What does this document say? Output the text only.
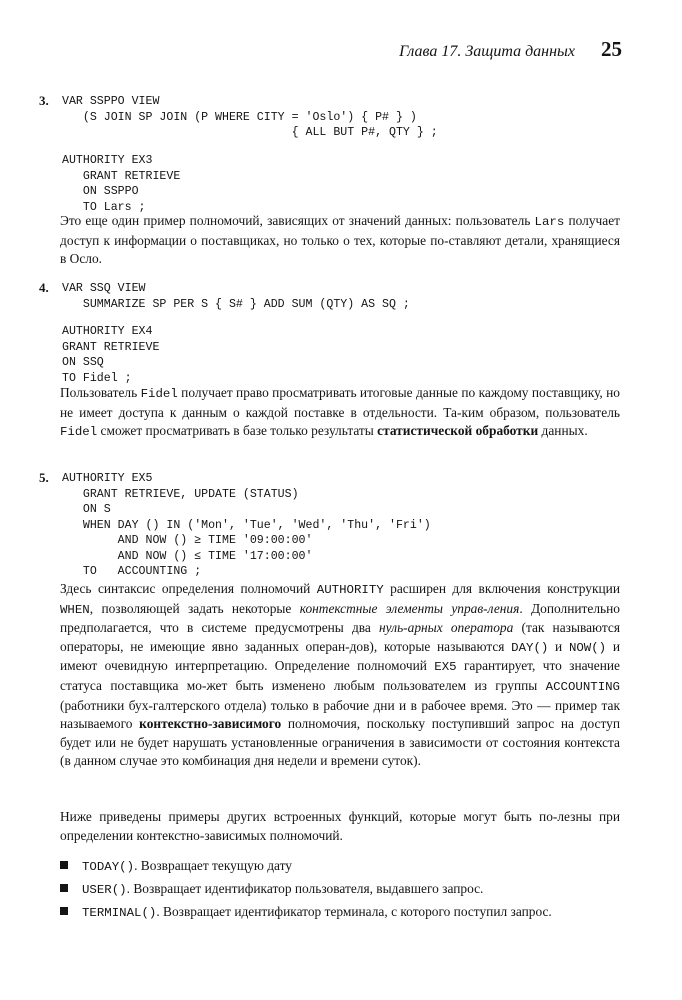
Глава 17. Защита данных 25
3. VAR SSPPO VIEW
(S JOIN SP JOIN (P WHERE CITY = 'Oslo') { P# } )
{ ALL BUT P#, QTY } ;
AUTHORITY EX3
GRANT RETRIEVE
ON SSPPO
TO Lars ;

Это еще один пример полномочий, зависящих от значений данных: пользователь Lars получает доступ к информации о поставщиках, но только о тех, которые по-ставляют детали, хранящиеся в Осло.

4. VAR SSQ VIEW
SUMMARIZE SP PER S { S# } ADD SUM (QTY) AS SQ ;
AUTHORITY EX4
GRANT RETRIEVE
ON SSQ
TO Fidel ;

Пользователь Fidel получает право просматривать итоговые данные по каждому поставщику, но не имеет доступа к данным о каждой поставке в отдельности. Та-ким образом, пользователь Fidel сможет просматривать в базе только результаты статистической обработки данных.

5. AUTHORITY EX5
GRANT RETRIEVE, UPDATE (STATUS)
ON S
WHEN DAY () IN ('Mon', 'Tue', 'Wed', 'Thu', 'Fri')
AND NOW () ≥ TIME '09:00:00'
AND NOW () ≤ TIME '17:00:00'
TO   ACCOUNTING ;

Здесь синтаксис определения полномочий AUTHORITY расширен для включения конструкции WHEN, позволяющей задать некоторые контекстные элементы управ-ления. Дополнительно предполагается, что в системе предусмотрены два нуль-арных оператора (так называются операторы, не имеющие явно заданных операн-дов), которые называются DAY() и NOW() и имеют очевидную интерпретацию. Определение полномочий EX5 гарантирует, что значение статуса поставщика мо-жет быть изменено любым пользователем из группы ACCOUNTING (работники бух-галтерского отдела) только в рабочие дни и в рабочее время. Это — пример так называемого контекстно-зависимого полномочия, поскольку поступивший запрос на доступ будет или не будет нарушать установленные ограничения в зависимости от состояния контекста (в данном случае это комбинация дня недели и времени суток).

Ниже приведены примеры других встроенных функций, которые могут быть по-лезны при определении контекстно-зависимых полномочий.

TODAY(). Возвращает текущую дату
USER(). Возвращает идентификатор пользователя, выдавшего запрос.
TERMINAL(). Возвращает идентификатор терминала, с которого поступил запрос.
